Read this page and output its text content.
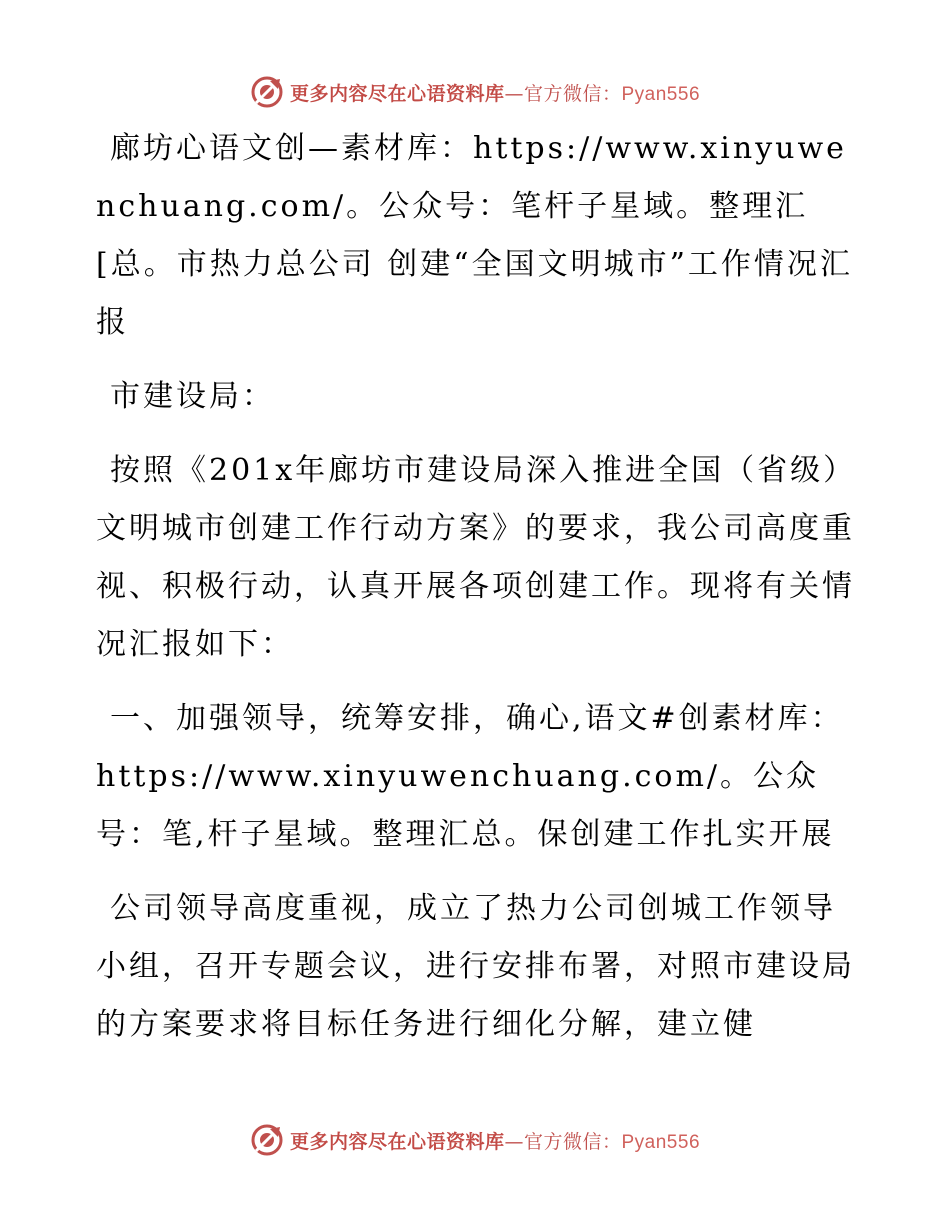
更多内容尽在心语资料库—官方微信：Pyan556

廊坊心语文创—素材库：https://www.xinyuwenchuang.com/。公众号：笔杆子星域。整理汇[总。市热力总公司 创建“全国文明城市”工作情况汇报

市建设局：

按照《201x年廊坊市建设局深入推进全国（省级）文明城市创建工作行动方案》的要求，我公司高度重视、积极行动，认真开展各项创建工作。现将有关情况汇报如下：

一、加强领导，统筹安排，确心,语文#创素材库：https://www.xinyuwenchuang.com/。公众号：笔,杆子星域。整理汇总。保创建工作扎实开展

公司领导高度重视，成立了热力公司创城工作领导小组，召开专题会议，进行安排布署，对照市建设局的方案要求将目标任务进行细化分解，建立健

更多内容尽在心语资料库—官方微信：Pyan556
